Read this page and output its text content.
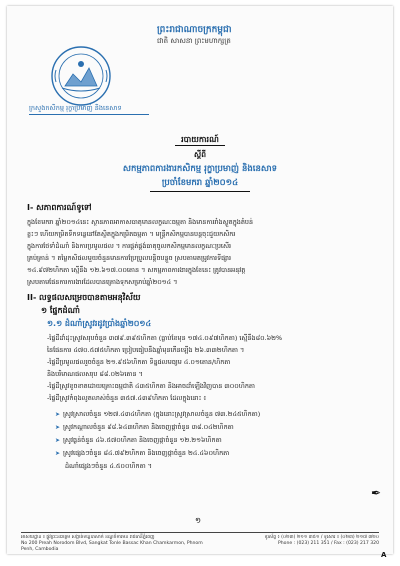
ព្រះរាជាណាចក្រកម្ពុជា
ជាតិ សាសនា ព្រះមហាក្សត្រ
ក្រសួងកសិកម្ម រុក្ខាប្រមាញ់ និងនេសាទ
របាយការណ៍
ស្តីពី
សកម្មភាពការងារកសិកម្ម រុក្ខាប្រមាញ់ និងនេសាទ
ប្រចាំខែមករា ឆ្នាំ២០១៤
I- សភាពការណ៍ទូទៅ
ក្នុងខែមករា ឆ្នាំ២០១៤នេះ ស្ថានភាពអាកាសធាតុមានលក្ខណៈធម្មតា និងមានការរាំងស្ងួតក្នុងតំបន់
ខ្លះៗ ហើយកម្រិតទឹកទន្លេនៅតែស្ថិតក្នុងកម្រិតធម្មតា ។ មន្ត្រីកសិកម្មបានបន្តចុះជួយកសិករ
ក្នុងការថែទាំដំណាំ និងការប្រមូលផល ។ ការផ្គត់ផ្គង់ធាតុចូលកសិកម្មមានលក្ខណៈប្រសើរ
គ្រប់គ្រាន់ ។ តម្លៃកសិផលមួយចំនួនមានការប្រែប្រួលបន្តិចបន្តួច ស្របតាមតម្រូវការទីផ្សារ
១៤.៩៧២ហិកតា ស្មើនឹង ១២.៦១៧.០០តោន ។ សកម្មភាពការងារក្នុងខែនេះ ត្រូវបានអនុវត្ត
ស្របតាមផែនការការងារដែលបានគ្រោងទុកសម្រាប់ឆ្នាំ២០១៤ ។
II- លទ្ធផលសម្រេចបានតាមអនុវិស័យ
១ ផ្នែកដំណាំ
១.១ ដំណាំស្រូវរដូវប្រាំងឆ្នាំ២០១៤
-ផ្ទៃដីដាំដុះស្រូវសរុបចំនួន ៣៧៩.៣៩៥ហិកតា (ធ្លាប់ខែមុន ១៧៤.០៩៧ហិកតា) ស្មើនឹង៨០.៦២%
នៃផែនការ ៤៧០.៥៧៥ហិកតា ប្រៀបធៀបនឹងឆ្នាំមុនកើនឡើង ២៦.៣៣២ហិកតា ។
-ផ្ទៃដីប្រមូលផលរួចចំនួន ២១.៩៥៦ហិកតា ទិន្នផលមធ្យម ៤.០១តោន/ហិកតា
និងបរិមាណផលសរុប ៨៨.០២៦តោន ។
-ផ្ទៃដីស្រូវខូចខាតដោយគ្រោះធម្មជាតិ ៤៣៥ហិកតា និងអាចដាំឡើងវិញបាន ៣០០ហិកតា
-ផ្ទៃដីស្រូវកំពុងលូតលាស់ចំនួន ៣៥៧.៤៣៩ហិកតា ដែលក្នុងនោះ ៖
➤ ស្រូវស្រាលចំនួន ១២៧.៤៣៤ហិកតា (ក្នុងនោះស្រូវស្រាលចំនួន ៧៣.២៤៥ហិកតា)
➤ ស្រូវកណ្តាលចំនួន ៩៨.៦៤៣ហិកតា និងចេញផ្កាចំនួន ៣៨.០៤២ហិកតា
➤ ស្រូវធ្ងន់ចំនួន ៤៦.៥៧០ហិកតា និងចេញផ្កាចំនួន ១២.២១៦ហិកតា
➤ ស្រូវផ្សេងៗចំនួន ៨៤.៧៩២ហិកតា និងចេញផ្កាចំនួន ២៤.៤៦០ហិកតា
ដំណាំផ្សេងៗចំនួន ៤.៥០០ហិកតា ។
✒
១
អាសយដ្ឋាន ៖ ផ្លូវព្រះនរោត្តម សង្កាត់ទន្លេបាសាក់ ខណ្ឌចំការមន រាជធានីភ្នំពេញ
No 200 Preah Norodom Blvd, Sangkat Tonle Bassac Khan Chamkarmon, Phnom Penh, Cambodia
ទូរស័ព្ទ ៖ (០២៣) ២១១ ៣៥១ / ទូរសារ ៖ (០២៣) ២១៧ ៣២០
Phone : (023) 211 351 / Fax : (023) 217 320
A
